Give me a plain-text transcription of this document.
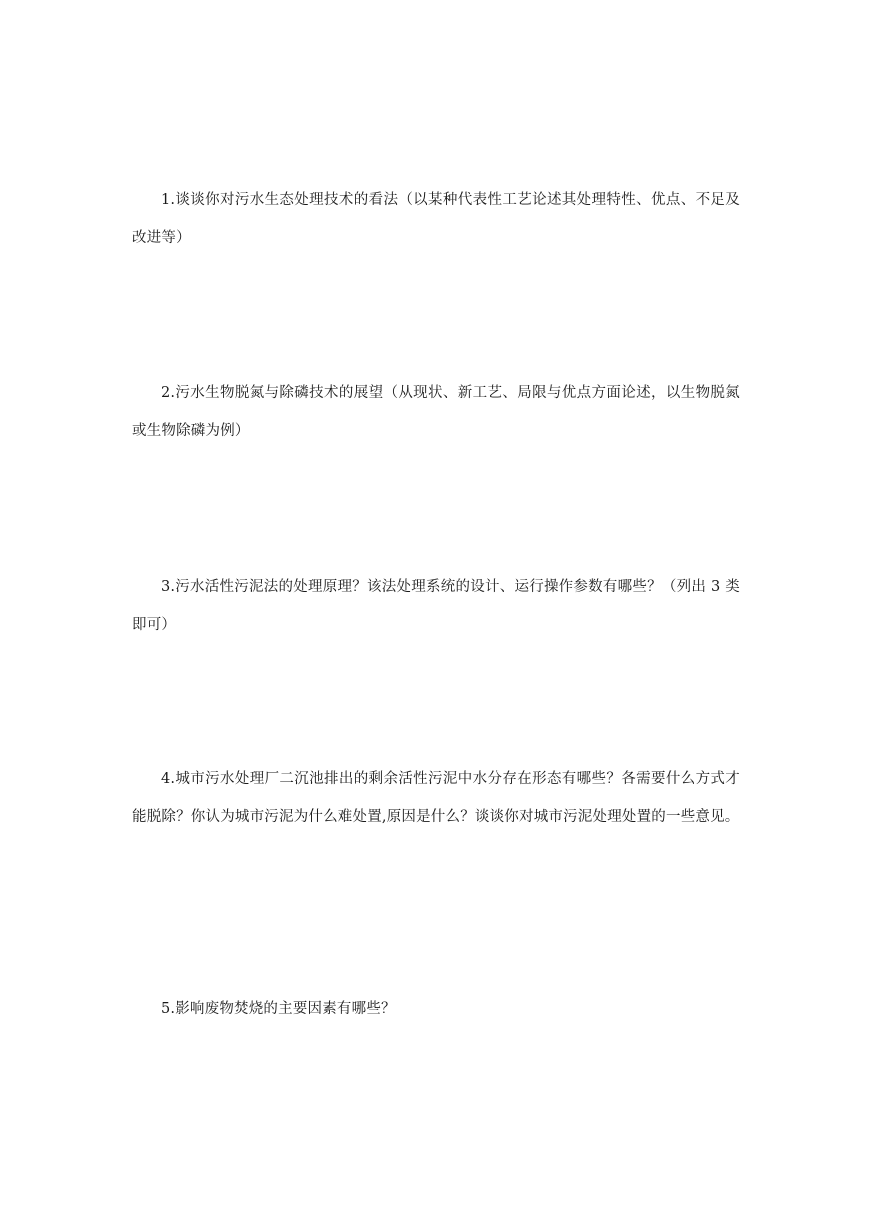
1.谈谈你对污水生态处理技术的看法（以某种代表性工艺论述其处理特性、优点、不足及改进等）

2.污水生物脱氮与除磷技术的展望（从现状、新工艺、局限与优点方面论述，以生物脱氮或生物除磷为例）

3.污水活性污泥法的处理原理？该法处理系统的设计、运行操作参数有哪些？（列出 3 类即可）

4.城市污水处理厂二沉池排出的剩余活性污泥中水分存在形态有哪些？各需要什么方式才能脱除？你认为城市污泥为什么难处置,原因是什么？谈谈你对城市污泥处理处置的一些意见。

5.影响废物焚烧的主要因素有哪些？
